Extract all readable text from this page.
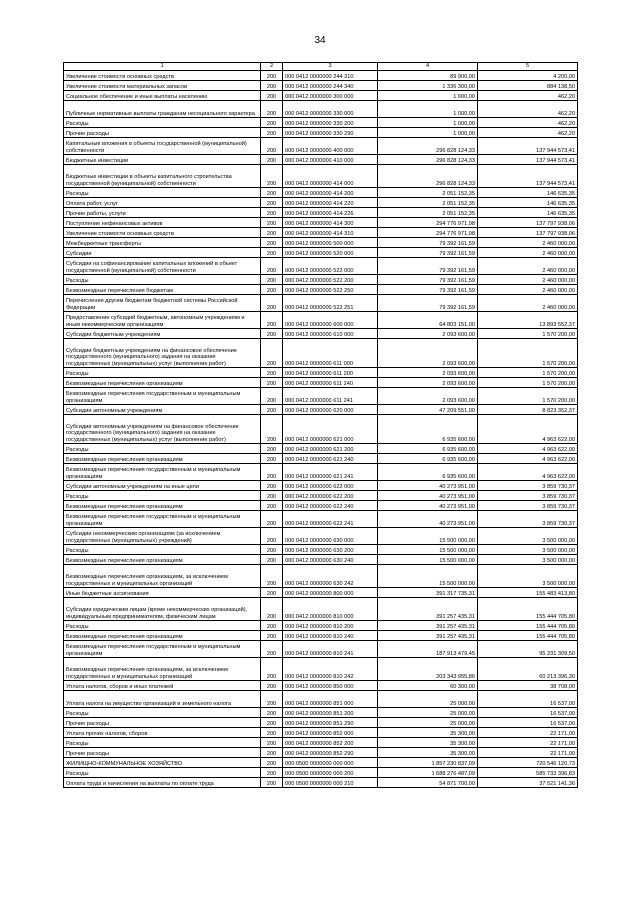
34
1	2	3	4	5
Увеличение стоимости основных средств	200	000 0412 0000000 244 310	89 900,00	4 200,00
Увеличение стоимости материальных запасов	200	000 0412 0000000 244 340	1 336 300,00	884 138,50
Социальное обеспечение и иные выплаты населению	200	000 0412 0000000 300 000	1 000,00	462,20
Публичные нормативные выплаты гражданам несоциального характера	200	000 0412 0000000 330 000	1 000,00	462,20
Расходы	200	000 0412 0000000 330 200	1 000,00	462,20
Прочие расходы	200	000 0412 0000000 330 290	1 000,00	462,20
Капитальные вложения в объекты государственной (муниципальной) собственности	200	000 0412 0000000 400 000	296 828 124,33	137 944 573,41
Бюджетные инвестиции	200	000 0412 0000000 410 000	296 828 124,33	137 944 573,41
Бюджетные инвестиции в объекты капитального строительства государственной (муниципальной) собственности	200	000 0412 0000000 414 000	296 828 124,33	137 944 573,41
Расходы	200	000 0412 0000000 414 200	2 051 152,35	146 635,35
Оплата работ, услуг	200	000 0412 0000000 414 220	2 051 152,35	146 635,35
Прочие работы, услуги	200	000 0412 0000000 414 226	2 051 152,35	146 635,35
Поступление нефинансовых активов	200	000 0412 0000000 414 300	294 776 971,98	137 797 938,06
Увеличение стоимости основных средств	200	000 0412 0000000 414 310	294 776 971,98	137 797 938,06
Межбюджетные трансферты	200	000 0412 0000000 500 000	79 392 161,59	2 460 000,00
Субсидии	200	000 0412 0000000 520 000	79 392 161,59	2 460 000,00
Субсидии на софинансирование капитальных вложений в объект государственной (муниципальной) собственности	200	000 0412 0000000 522 000	79 392 161,59	2 460 000,00
Расходы	200	000 0412 0000000 522 200	79 392 161,59	2 460 000,00
Безвозмездные перечисления бюджетам	200	000 0412 0000000 522 250	79 392 161,59	2 460 000,00
Перечисления другим бюджетам бюджетной системы Российской Федерации	200	000 0412 0000000 522 251	79 392 161,59	2 460 000,00
Предоставление субсидий бюджетным, автономным учреждениям и иным некоммерческим организациям	200	000 0412 0000000 600 000	64 803 151,00	13 893 552,37
Субсидии бюджетным учреждениям	200	000 0412 0000000 610 000	2 093 600,00	1 570 200,00
Субсидии бюджетным учреждениям на финансовое обеспечение государственного (муниципального) задания на оказание государственных (муниципальных) услуг (выполнение работ)	200	000 0412 0000000 611 000	2 093 600,00	1 570 200,00
Расходы	200	000 0412 0000000 611 200	2 093 600,00	1 570 200,00
Безвозмездные перечисления организациям	200	000 0412 0000000 611 240	2 093 600,00	1 570 200,00
Безвозмездные перечисления государственным и муниципальным организациям	200	000 0412 0000000 611 241	2 093 600,00	1 570 200,00
Субсидии автономным учреждениям	200	000 0412 0000000 620 000	47 209 551,00	8 823 352,37
Субсидии автономным учреждениям на финансовое обеспечение государственного (муниципального) задания на оказание государственных (муниципальных) услуг (выполнение работ)	200	000 0412 0000000 621 000	6 935 600,00	4 963 622,00
Расходы	200	000 0412 0000000 621 200	6 935 600,00	4 963 622,00
Безвозмездные перечисления организациям	200	000 0412 0000000 621 240	6 935 600,00	4 963 622,00
Безвозмездные перечисления государственным и муниципальным организациям	200	000 0412 0000000 621 241	6 935 600,00	4 963 622,00
Субсидии автономным учреждениям на иные цели	200	000 0412 0000000 622 000	40 273 951,00	3 859 730,37
Расходы	200	000 0412 0000000 622 200	40 273 951,00	3 859 730,37
Безвозмездные перечисления организациям	200	000 0412 0000000 622 240	40 273 951,00	3 859 730,37
Безвозмездные перечисления государственным и муниципальным организациям	200	000 0412 0000000 622 241	40 273 951,00	3 859 730,37
Субсидии некоммерческим организациям (за исключением государственных (муниципальных) учреждений)	200	000 0412 0000000 630 000	15 500 000,00	3 500 000,00
Расходы	200	000 0412 0000000 630 200	15 500 000,00	3 500 000,00
Безвозмездные перечисления организациям	200	000 0412 0000000 630 240	15 500 000,00	3 500 000,00
Безвозмездные перечисления организациям, за исключением государственных и муниципальных организаций	200	000 0412 0000000 630 242	15 500 000,00	3 500 000,00
Иные бюджетные ассигнования	200	000 0412 0000000 800 000	391 317 735,31	155 483 413,80
Субсидии юридическим лицам (кроме некоммерческих организаций), индивидуальным предпринимателям, физическим лицам	200	000 0412 0000000 810 000	391 257 435,31	155 444 705,80
Расходы	200	000 0412 0000000 810 200	391 257 435,31	155 444 705,80
Безвозмездные перечисления организациям	200	000 0412 0000000 810 240	391 257 435,31	155 444 705,80
Безвозмездные перечисления государственным и муниципальным организациям	200	000 0412 0000000 810 241	187 913 479,45	95 231 309,50
Безвозмездные перечисления организациям, за исключением государственных и муниципальных организаций	200	000 0412 0000000 810 242	203 343 955,86	60 213 396,30
Уплата налогов, сборов и иных платежей	200	000 0412 0000000 850 000	60 300,00	38 708,00
Уплата налога на имущество организаций и земельного налога	200	000 0412 0000000 851 000	25 000,00	16 537,00
Расходы	200	000 0412 0000000 851 200	25 000,00	16 537,00
Прочие расходы	200	000 0412 0000000 851 290	25 000,00	16 537,00
Уплата прочих налогов, сборов	200	000 0412 0000000 852 000	35 300,00	22 171,00
Расходы	200	000 0412 0000000 852 200	35 300,00	22 171,00
Прочие расходы	200	000 0412 0000000 852 290	35 300,00	22 171,00
ЖИЛИЩНО-КОММУНАЛЬНОЕ ХОЗЯЙСТВО	200	000 0500 0000000 000 000	1 857 230 837,09	720 546 120,73
Расходы	200	000 0500 0000000 000 200	1 688 276 487,09	585 733 396,83
Оплата труда и начисления на выплаты по оплате труда	200	000 0500 0000000 000 210	54 871 700,00	37 521 141,36
